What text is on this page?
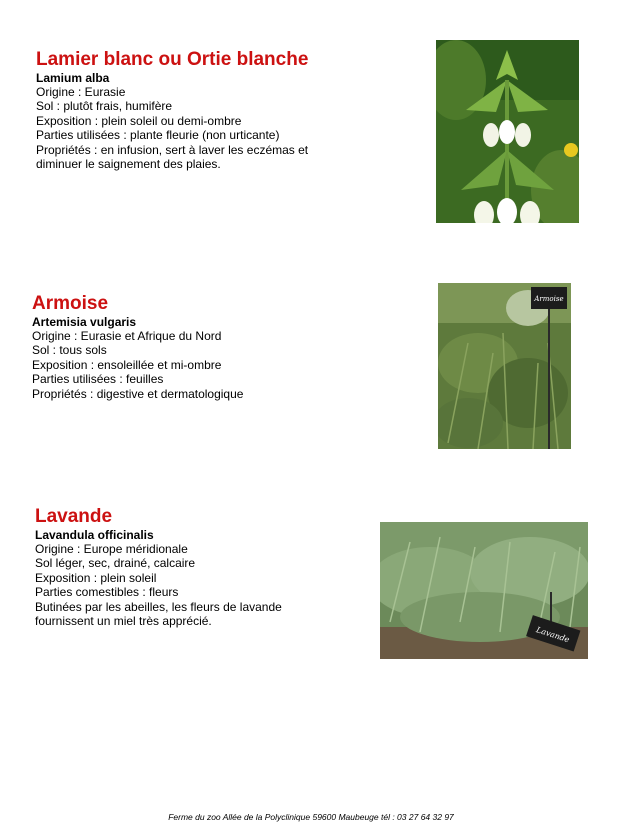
Lamier blanc ou Ortie blanche
Lamium alba
Origine : Eurasie
Sol : plutôt frais, humifère
Exposition : plein soleil ou demi-ombre
Parties utilisées : plante fleurie (non urticante)
Propriétés : en infusion, sert à laver les eczémas et
diminuer le saignement des plaies.
Armoise
Artemisia vulgaris
Origine : Eurasie et Afrique du Nord
Sol : tous sols
Exposition : ensoleillée et mi-ombre
Parties utilisées : feuilles
Propriétés : digestive et dermatologique
Armoise
Lavande
Lavandula officinalis
Origine : Europe méridionale
Sol léger, sec, drainé, calcaire
Exposition : plein soleil
Parties comestibles : fleurs
Butinées par les abeilles, les fleurs de lavande
fournissent un miel très apprécié.
Lavande
Ferme du zoo Allée de la Polyclinique 59600 Maubeuge tél : 03 27 64 32 97
